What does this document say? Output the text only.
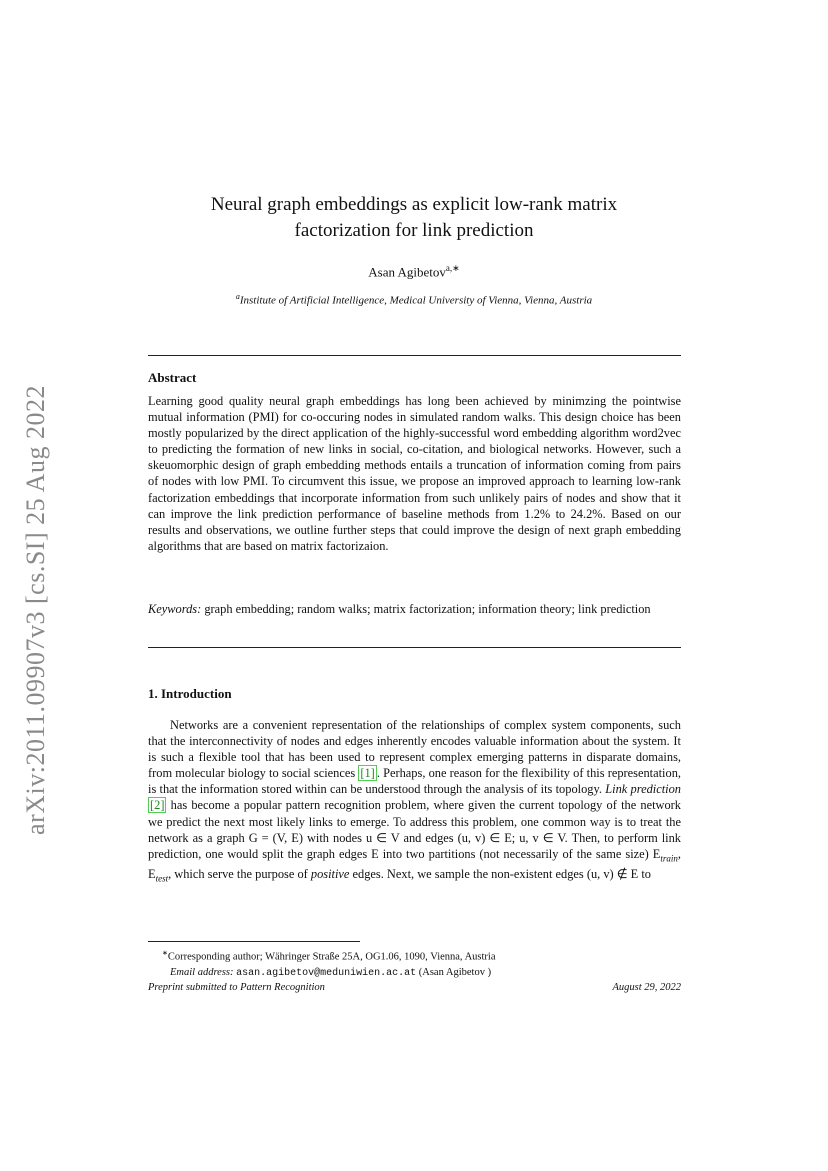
arXiv:2011.09907v3 [cs.SI] 25 Aug 2022
Neural graph embeddings as explicit low-rank matrix
factorization for link prediction
Asan Agibetov$^{a,∗}$
$^a$Institute of Artificial Intelligence, Medical University of Vienna, Vienna, Austria
Abstract
Learning good quality neural graph embeddings has long been achieved by minimzing the pointwise mutual information (PMI) for co-occuring nodes in simulated random walks. This design choice has been mostly popularized by the direct application of the highly-successful word embedding algorithm word2vec to predicting the formation of new links in social, co-citation, and biological networks. However, such a skeuomorphic design of graph embedding methods entails a truncation of information coming from pairs of nodes with low PMI. To circumvent this issue, we propose an improved approach to learning low-rank factorization embeddings that incorporate information from such unlikely pairs of nodes and show that it can improve the link prediction performance of baseline methods from 1.2% to 24.2%. Based on our results and observations, we outline further steps that could improve the design of next graph embedding algorithms that are based on matrix factorizaion.
Keywords: graph embedding; random walks; matrix factorization; information theory; link prediction
1. Introduction
Networks are a convenient representation of the relationships of complex system components, such that the interconnectivity of nodes and edges inherently encodes valuable information about the system. It is such a flexible tool that has been used to represent complex emerging patterns in disparate domains, from molecular biology to social sciences [1] . Perhaps, one reason for the flexibility of this representation, is that the information stored within can be understood through the analysis of its topology. Link prediction [2] has become a popular pattern recognition problem, where given the current topology of the network we predict the next most likely links to emerge. To address this problem, one common way is to treat the network as a graph G = (V, E) with nodes u ∈ V and edges (u, v) ∈ E; u, v ∈ V. Then, to perform link prediction, one would split the graph edges E into two partitions (not necessarily of the same size) $E_{train}$, $E_{test}$, which serve the purpose of positive edges. Next, we sample the non-existent edges (u, v) ∉ E to
∗Corresponding author; Währinger Straße 25A, OG1.06, 1090, Vienna, Austria
Email address: asan.agibetov@meduniwien.ac.at (Asan Agibetov )
Preprint submitted to Pattern Recognition	August 29, 2022
